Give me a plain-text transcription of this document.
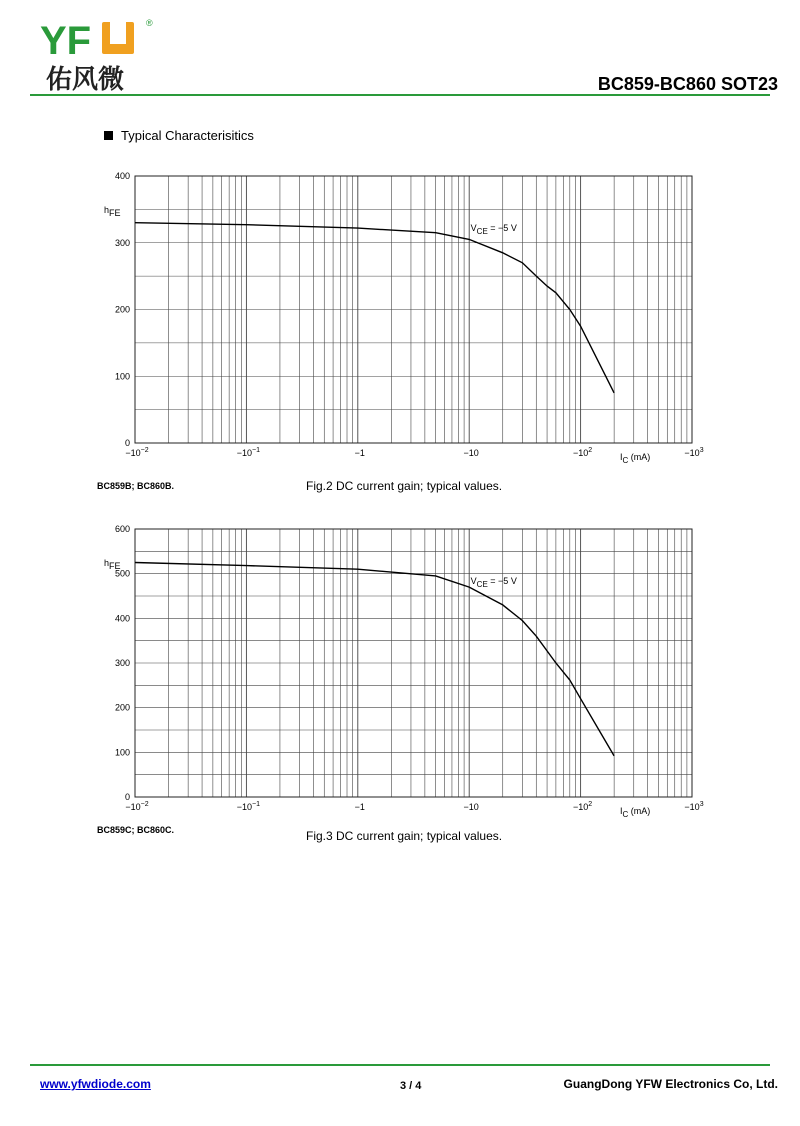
YF	®
佑风微	BC859-BC860 SOT23
Typical Characterisitics
0
100
200
300
400
$-10^{-2}$	$-10^{-1}$	−1	−10	$-10^2$	$-10^3$
hFE
IC (mA)
VCE = −5 V
BC859B; BC860B.	Fig.2 DC current gain; typical values.
0
100
200
300
400
500
600
$-10^{-2}$	$-10^{-1}$	−1	−10	$-10^2$	$-10^3$
hFE
IC (mA)
VCE = −5 V
BC859C; BC860C.	Fig.3 DC current gain; typical values.
www.yfwdiode.com	3 / 4	GuangDong YFW Electronics Co, Ltd.
